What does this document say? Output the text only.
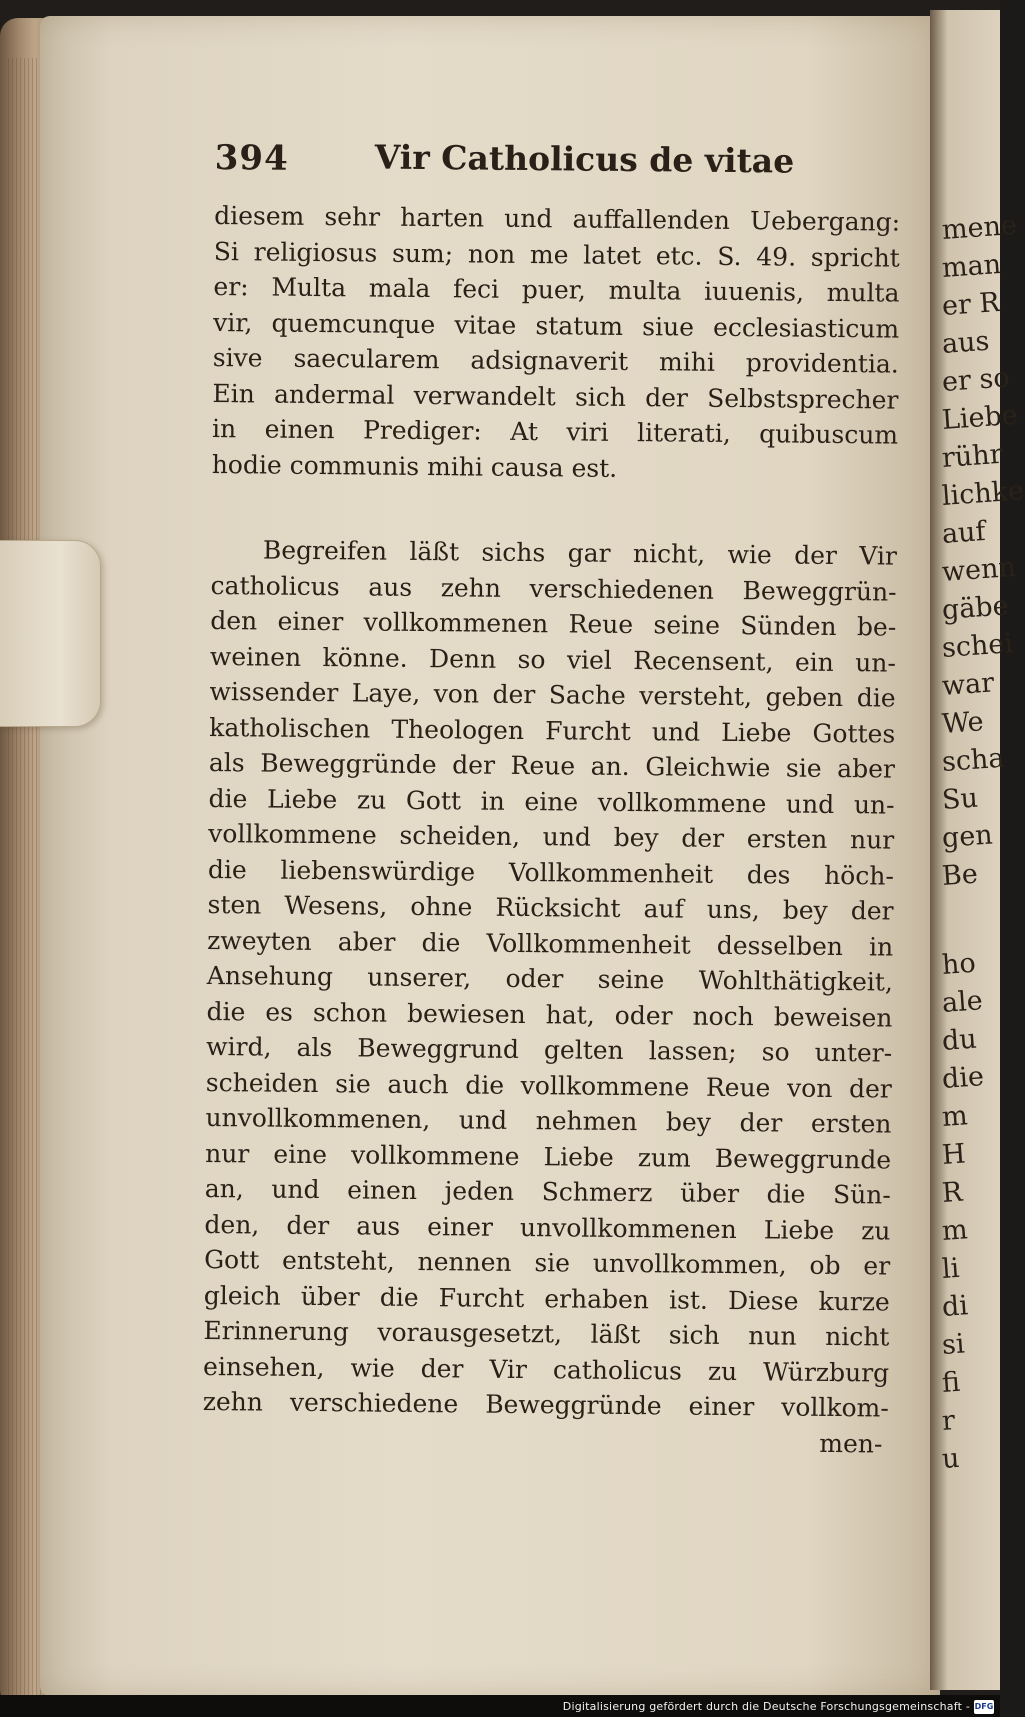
mene
man
er R
aus
er so
Liebe
rühr
lichke
auf
wenn
gäbe
schei
war
We
scha
Su
gen
Be
ho
ale
du
die
m
H
R
m
li
di
si
fi
r
u
394	Vir Catholicus de vitae
diesem sehr harten und auffallenden Uebergang:
Si religiosus sum; non me latet etc. S. 49. spricht
er: Multa mala feci puer, multa iuuenis, multa
vir, quemcunque vitae statum siue ecclesiasticum
sive saecularem adsignaverit mihi providentia.
Ein andermal verwandelt sich der Selbstsprecher
in einen Prediger: At viri literati, quibuscum
hodie communis mihi causa est.
Begreifen läßt sichs gar nicht, wie der Vir
catholicus aus zehn verschiedenen Beweggrün-
den einer vollkommenen Reue seine Sünden be-
weinen könne. Denn so viel Recensent, ein un-
wissender Laye, von der Sache versteht, geben die
katholischen Theologen Furcht und Liebe Gottes
als Beweggründe der Reue an. Gleichwie sie aber
die Liebe zu Gott in eine vollkommene und un-
vollkommene scheiden, und bey der ersten nur
die liebenswürdige Vollkommenheit des höch-
sten Wesens, ohne Rücksicht auf uns, bey der
zweyten aber die Vollkommenheit desselben in
Ansehung unserer, oder seine Wohlthätigkeit,
die es schon bewiesen hat, oder noch beweisen
wird, als Beweggrund gelten lassen; so unter-
scheiden sie auch die vollkommene Reue von der
unvollkommenen, und nehmen bey der ersten
nur eine vollkommene Liebe zum Beweggrunde
an, und einen jeden Schmerz über die Sün-
den, der aus einer unvollkommenen Liebe zu
Gott entsteht, nennen sie unvollkommen, ob er
gleich über die Furcht erhaben ist. Diese kurze
Erinnerung vorausgesetzt, läßt sich nun nicht
einsehen, wie der Vir catholicus zu Würzburg
zehn verschiedene Beweggründe einer vollkom-
men-
Digitalisierung gefördert durch die Deutsche Forschungsgemeinschaft - DFG
